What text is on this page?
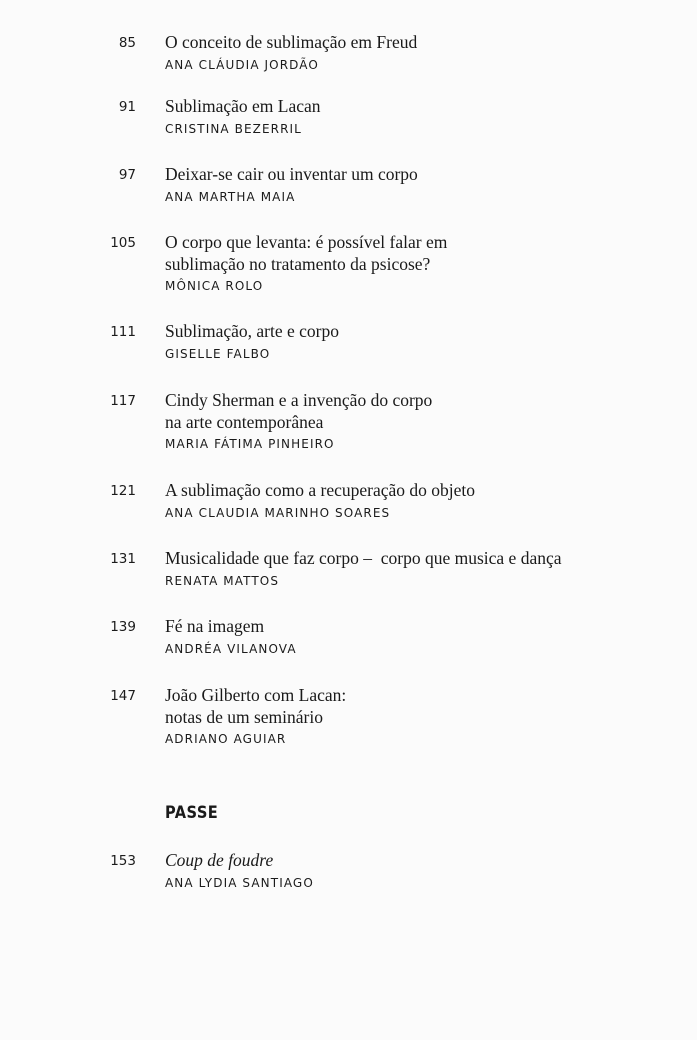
85 O conceito de sublimação em Freud
ANA CLÁUDIA JORDÃO
91 Sublimação em Lacan
CRISTINA BEZERRIL
97 Deixar-se cair ou inventar um corpo
ANA MARTHA MAIA
105 O corpo que levanta: é possível falar em
sublimação no tratamento da psicose?
MÔNICA ROLO
111 Sublimação, arte e corpo
GISELLE FALBO
117 Cindy Sherman e a invenção do corpo
na arte contemporânea
MARIA FÁTIMA PINHEIRO
121 A sublimação como a recuperação do objeto
ANA CLAUDIA MARINHO SOARES
131 Musicalidade que faz corpo –  corpo que musica e dança
RENATA MATTOS
139 Fé na imagem
ANDRÉA VILANOVA
147 João Gilberto com Lacan:
notas de um seminário
ADRIANO AGUIAR
PASSE
153 Coup de foudre
ANA LYDIA SANTIAGO
